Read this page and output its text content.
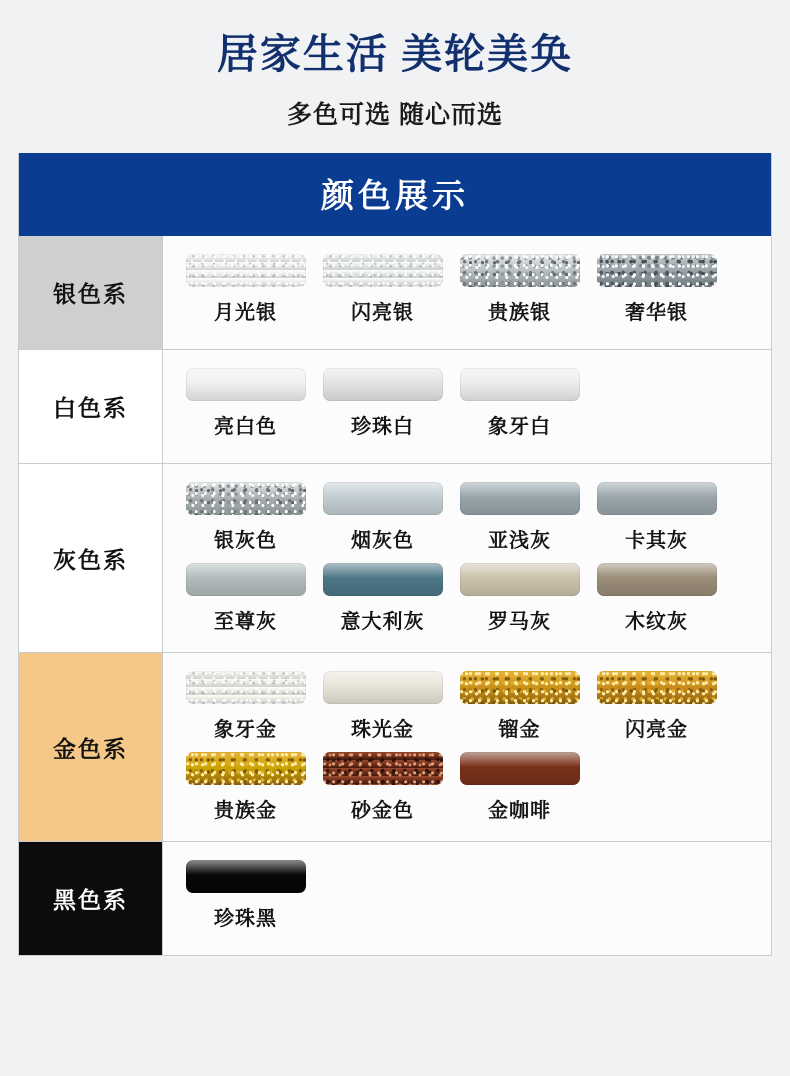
居家生活 美轮美奂
多色可选 随心而选
颜色展示
银色系
月光银	闪亮银	贵族银	奢华银
白色系
亮白色	珍珠白	象牙白
灰色系
银灰色	烟灰色	亚浅灰	卡其灰
至尊灰	意大利灰	罗马灰	木纹灰
金色系
象牙金	珠光金	镏金	闪亮金
贵族金	砂金色	金咖啡
黑色系
珍珠黑
